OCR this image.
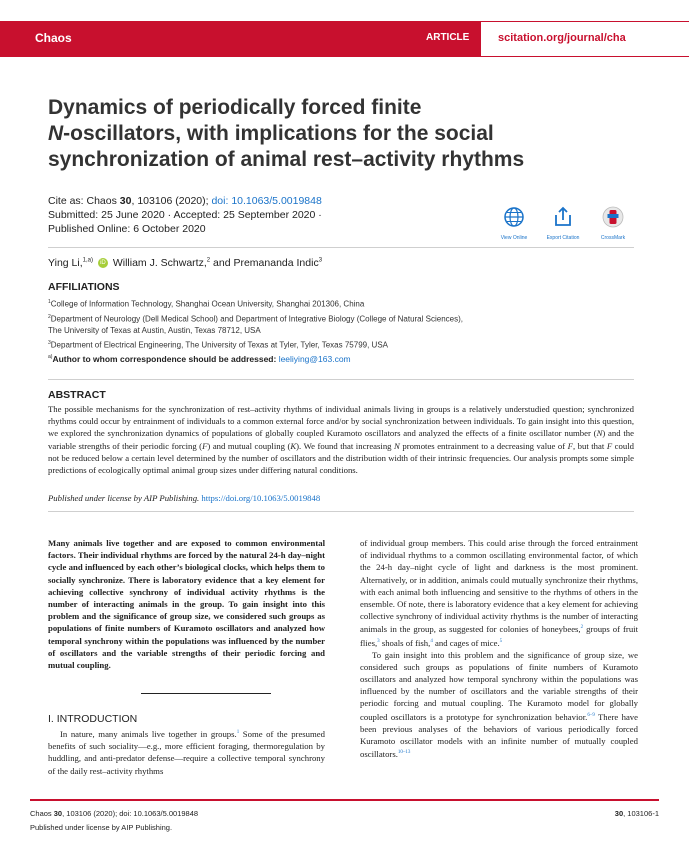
Chaos	ARTICLE	scitation.org/journal/cha
Dynamics of periodically forced finite
N-oscillators, with implications for the social
synchronization of animal rest–activity rhythms
Cite as: Chaos 30, 103106 (2020); doi: 10.1063/5.0019848
Submitted: 25 June 2020 · Accepted: 25 September 2020 ·
Published Online: 6 October 2020
View Online	Export Citation	CrossMark
Ying Li,$^{1,a)}$ iD William J. Schwartz,$^2$ and Premananda Indic$^3$
AFFILIATIONS
$^1$College of Information Technology, Shanghai Ocean University, Shanghai 201306, China
$^2$Department of Neurology (Dell Medical School) and Department of Integrative Biology (College of Natural Sciences),
The University of Texas at Austin, Austin, Texas 78712, USA
$^3$Department of Electrical Engineering, The University of Texas at Tyler, Tyler, Texas 75799, USA
$^{a)}$Author to whom correspondence should be addressed: leeliying@163.com
ABSTRACT
The possible mechanisms for the synchronization of rest–activity rhythms of individual animals living in groups is a relatively understudied question; synchronized rhythms could occur by entrainment of individuals to a common external force and/or by social synchronization between individuals. To gain insight into this question, we explored the synchronization dynamics of populations of globally coupled Kuramoto oscillators and analyzed the effects of a finite oscillator number (N) and the variable strengths of their periodic forcing (F) and mutual coupling (K). We found that increasing N promotes entrainment to a decreasing value of F, but that F could not be reduced below a certain level determined by the number of oscillators and the distribution width of their intrinsic frequencies. Our analysis prompts some simple predictions of ecologically optimal animal group sizes under differing natural conditions.
Published under license by AIP Publishing. https://doi.org/10.1063/5.0019848
Many animals live together and are exposed to common environmental factors. Their individual rhythms are forced by the natural 24-h day–night cycle and influenced by each other’s biological clocks, which helps them to socially synchronize. There is laboratory evidence that a key element for achieving collective synchrony of individual activity rhythms is the number of interacting animals in the group. To gain insight into this problem and the significance of group size, we considered such groups as populations of finite numbers of Kuramoto oscillators and analyzed how temporal synchrony within the populations was influenced by the number of oscillators and the variable strengths of their periodic forcing and mutual coupling.
I. INTRODUCTION
In nature, many animals live together in groups.$^1$ Some of the presumed benefits of such sociality—e.g., more efficient foraging, thermoregulation by huddling, and anti-predator defense—require a collective temporal synchrony of the daily rest–activity rhythms

of individual group members. This could arise through the forced entrainment of individual rhythms to a common oscillating environmental factor, of which the 24-h day–night cycle of light and darkness is the most prominent. Alternatively, or in addition, animals could mutually synchronize their rhythms, with each animal both influencing and sensitive to the rhythms of others in the ensemble. Of note, there is laboratory evidence that a key element for achieving collective synchrony of individual activity rhythms is the number of interacting animals in the group, as suggested for colonies of honeybees,$^2$ groups of fruit flies,$^3$ shoals of fish,$^4$ and cages of mice.$^5$

To gain insight into this problem and the significance of group size, we considered such groups as populations of finite numbers of Kuramoto oscillators and analyzed how temporal synchrony within the populations was influenced by the number of oscillators and the variable strengths of their periodic forcing and mutual coupling. The Kuramoto model for globally coupled oscillators is a prototype for synchronization behavior.$^{6-9}$ There have been previous analyses of the behaviors of various periodically forced Kuramoto oscillator models with an infinite number of mutually coupled oscillators.$^{10-13}$

Chaos 30, 103106 (2020); doi: 10.1063/5.0019848
Published under license by AIP Publishing.
30, 103106-1
